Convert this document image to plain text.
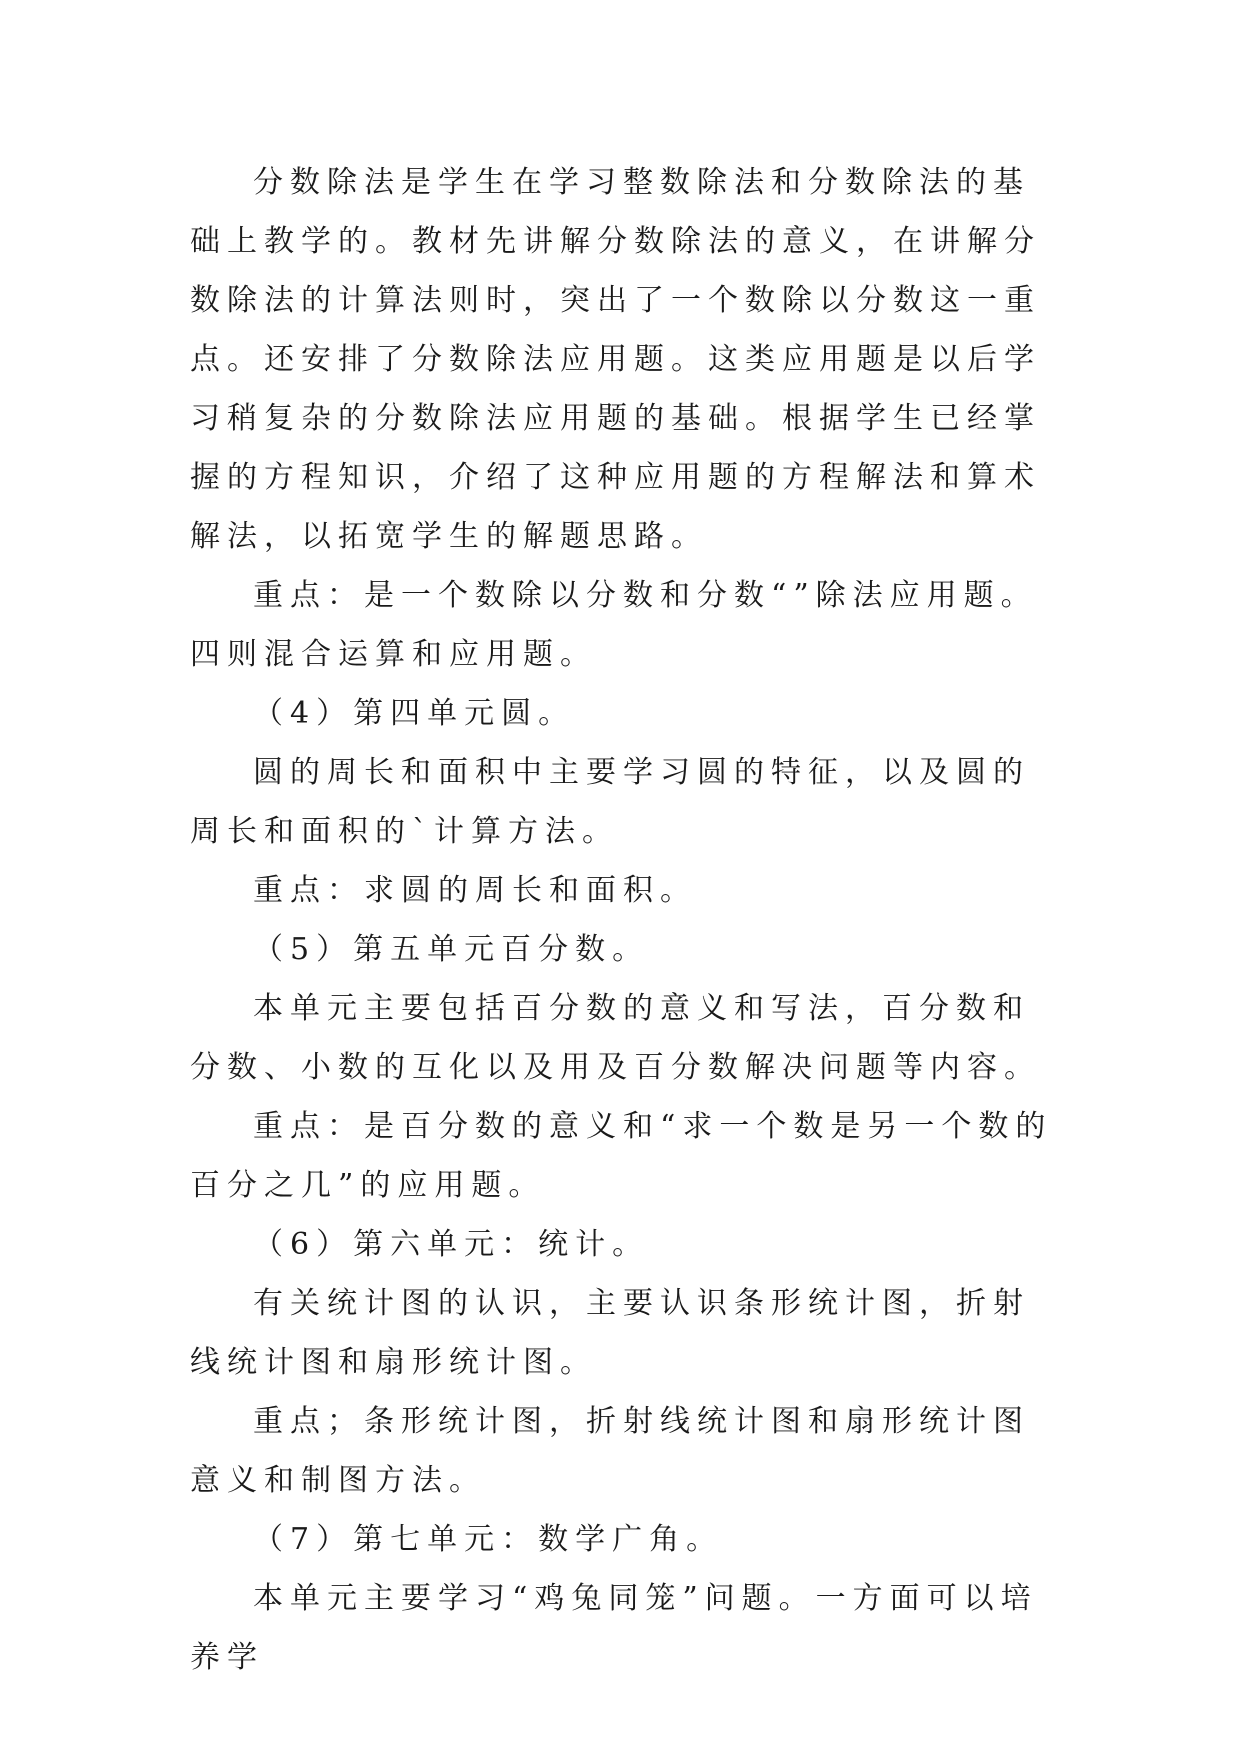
分数除法是学生在学习整数除法和分数除法的基础上教学的。教材先讲解分数除法的意义，在讲解分数除法的计算法则时，突出了一个数除以分数这一重点。还安排了分数除法应用题。这类应用题是以后学习稍复杂的分数除法应用题的基础。根据学生已经掌握的方程知识，介绍了这种应用题的方程解法和算术解法，以拓宽学生的解题思路。

重点：是一个数除以分数和分数“”除法应用题。四则混合运算和应用题。

（4）第四单元圆。

圆的周长和面积中主要学习圆的特征，以及圆的周长和面积的`计算方法。

重点：求圆的周长和面积。

（5）第五单元百分数。

本单元主要包括百分数的意义和写法，百分数和分数、小数的互化以及用及百分数解决问题等内容。

重点：是百分数的意义和“求一个数是另一个数的百分之几”的应用题。

（6）第六单元：统计。

有关统计图的认识，主要认识条形统计图，折射线统计图和扇形统计图。

重点；条形统计图，折射线统计图和扇形统计图意义和制图方法。

（7）第七单元：数学广角。

本单元主要学习“鸡兔同笼”问题。一方面可以培养学
